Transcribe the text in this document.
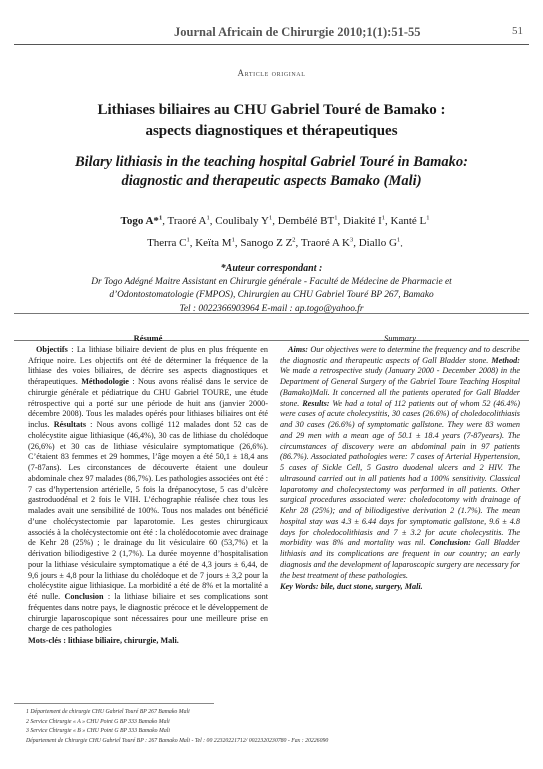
Journal Africain de Chirurgie 2010;1(1):51-55	51
Article original
Lithiases biliaires au CHU Gabriel Touré de Bamako :
aspects diagnostiques et thérapeutiques
Bilary lithiasis in the teaching hospital Gabriel Touré in Bamako:
diagnostic and therapeutic aspects Bamako (Mali)
Togo A*$^1$, Traoré $A^1$, Coulibaly $Y^1$, Dembélé $BT^1$, Diakité $I^1$, Kanté $L^1$
Therra $C^1$, Keïta $M^1$, Sanogo Z $Z^2$, Traoré A $K^3$, Diallo $G^1$.
*Auteur correspondant :
Dr Togo Adégné Maitre Assistant en Chirurgie générale - Faculté de Médecine de Pharmacie et
d’Odontostomatologie (FMPOS), Chirurgien au CHU Gabriel Touré BP 267, Bamako
Tel : 0022366903964 E-mail : ap.togo@yahoo.fr
Résumé
Objectifs : La lithiase biliaire devient de plus en plus fréquente en Afrique noire. Les objectifs ont été de déterminer la fréquence de la lithiase des voies biliaires, de décrire ses aspects diagnostiques et thérapeutiques. Méthodologie : Nous avons réalisé dans le service de chirurgie générale et pédiatrique du CHU Gabriel TOURE, une étude rétrospective qui a porté sur une période de huit ans (janvier 2000-décembre 2008). Tous les malades opérés pour lithiases biliaires ont été inclus. Résultats : Nous avons colligé 112 malades dont 52 cas de cholécystite aigue lithiasique (46,4%), 30 cas de lithiase du cholédoque (26,6%) et 30 cas de lithiase vésiculaire symptomatique (26,6%). C’étaient 83 femmes et 29 hommes, l’âge moyen a été 50,1 ± 18,4 ans (7-87ans). Les circonstances de découverte étaient une douleur abdominale chez 97 malades (86,7%). Les pathologies associées ont été : 7 cas d’hypertension artérielle, 5 fois la drépanocytose, 5 cas d’ulcère gastroduodénal et 2 fois le VIH. L’échographie réalisée chez tous les malades avait une sensibilité de 100%. Tous nos malades ont bénéficié d’une cholécystectomie par laparotomie. Les gestes chirurgicaux associés à la cholécystectomie ont été : la cholédocotomie avec drainage de Kehr 28 (25%) ; le drainage du lit vésiculaire 60 (53,7%) et la dérivation biliodigestive 2 (1,7%). La durée moyenne d’hospitalisation pour la lithiase vésiculaire symptomatique a été de 4,3 jours ± 6,44, de 9,6 jours ± 4,8 pour la lithiase du cholédoque et de 7 jours ± 3,2 pour la cholécystite aigue lithiasique. La morbidité a été de 8% et la mortalité a été nulle. Conclusion : la lithiase biliaire et ses complications sont fréquentes dans notre pays, le diagnostic précoce et le développement de chirurgie laparoscopique sont nécessaires pour une meilleure prise en charge de ces pathologies
Mots-clés : lithiase biliaire, chirurgie, Mali.
Summary
Aims: Our objectives were to determine the frequency and to describe the diagnostic and therapeutic aspects of Gall Bladder stone. Method: We made a retrospective study (January 2000 - December 2008) in the Department of General Surgery of the Gabriel Toure Teaching Hospital (Bamako)Mali. It concerned all the patients operated for Gall Bladder stone. Results: We had a total of 112 patients out of whom 52 (46.4%) were cases of acute cholecystitis, 30 cases (26.6%) of choledocolithiasis and 30 cases (26.6%) of symptomatic gallstone. They were 83 women and 29 men with a mean age of 50.1 ± 18.4 years (7-87years). The circumstances of discovery were an abdominal pain in 97 patients (86.7%). Associated pathologies were: 7 cases of Arterial Hypertension, 5 cases of Sickle Cell, 5 Gastro duodenal ulcers and 2 HIV. The ultrasound carried out in all patients had a 100% sensitivity. Classical laparotomy and cholecystectomy was performed in all patients. Other surgical procedures associated were: choledocotomy with drainage of Kehr 28 (25%); and of biliodigestive derivation 2 (1.7%). The mean hospital stay was 4.3 ± 6.44 days for symptomatic gallstone, 9.6 ± 4.8 days for choledocolithiasis and 7 ± 3.2 for acute cholecystitis. The morbidity was 8% and mortality was nil. Conclusion: Gall Bladder lithiasis and its complications are frequent in our country; an early diagnosis and the development of laparoscopic surgery are necessary for the best treatment of these pathologies.
Key Words: bile, duct stone, surgery, Mali.
1 Département de chirurgie CHU Gabriel Touré BP 267 Bamako Mali
2 Service Chirurgie « A » CHU Point G BP 333 Bamako Mali
3 Service Chirurgie « B » CHU Point G BP 333 Bamako Mali
Département de Chirurgie CHU Gabriel Touré BP : 267 Bamako Mali - Tel : 00 22320221712/ 0022320230780 - Fax : 20226090
